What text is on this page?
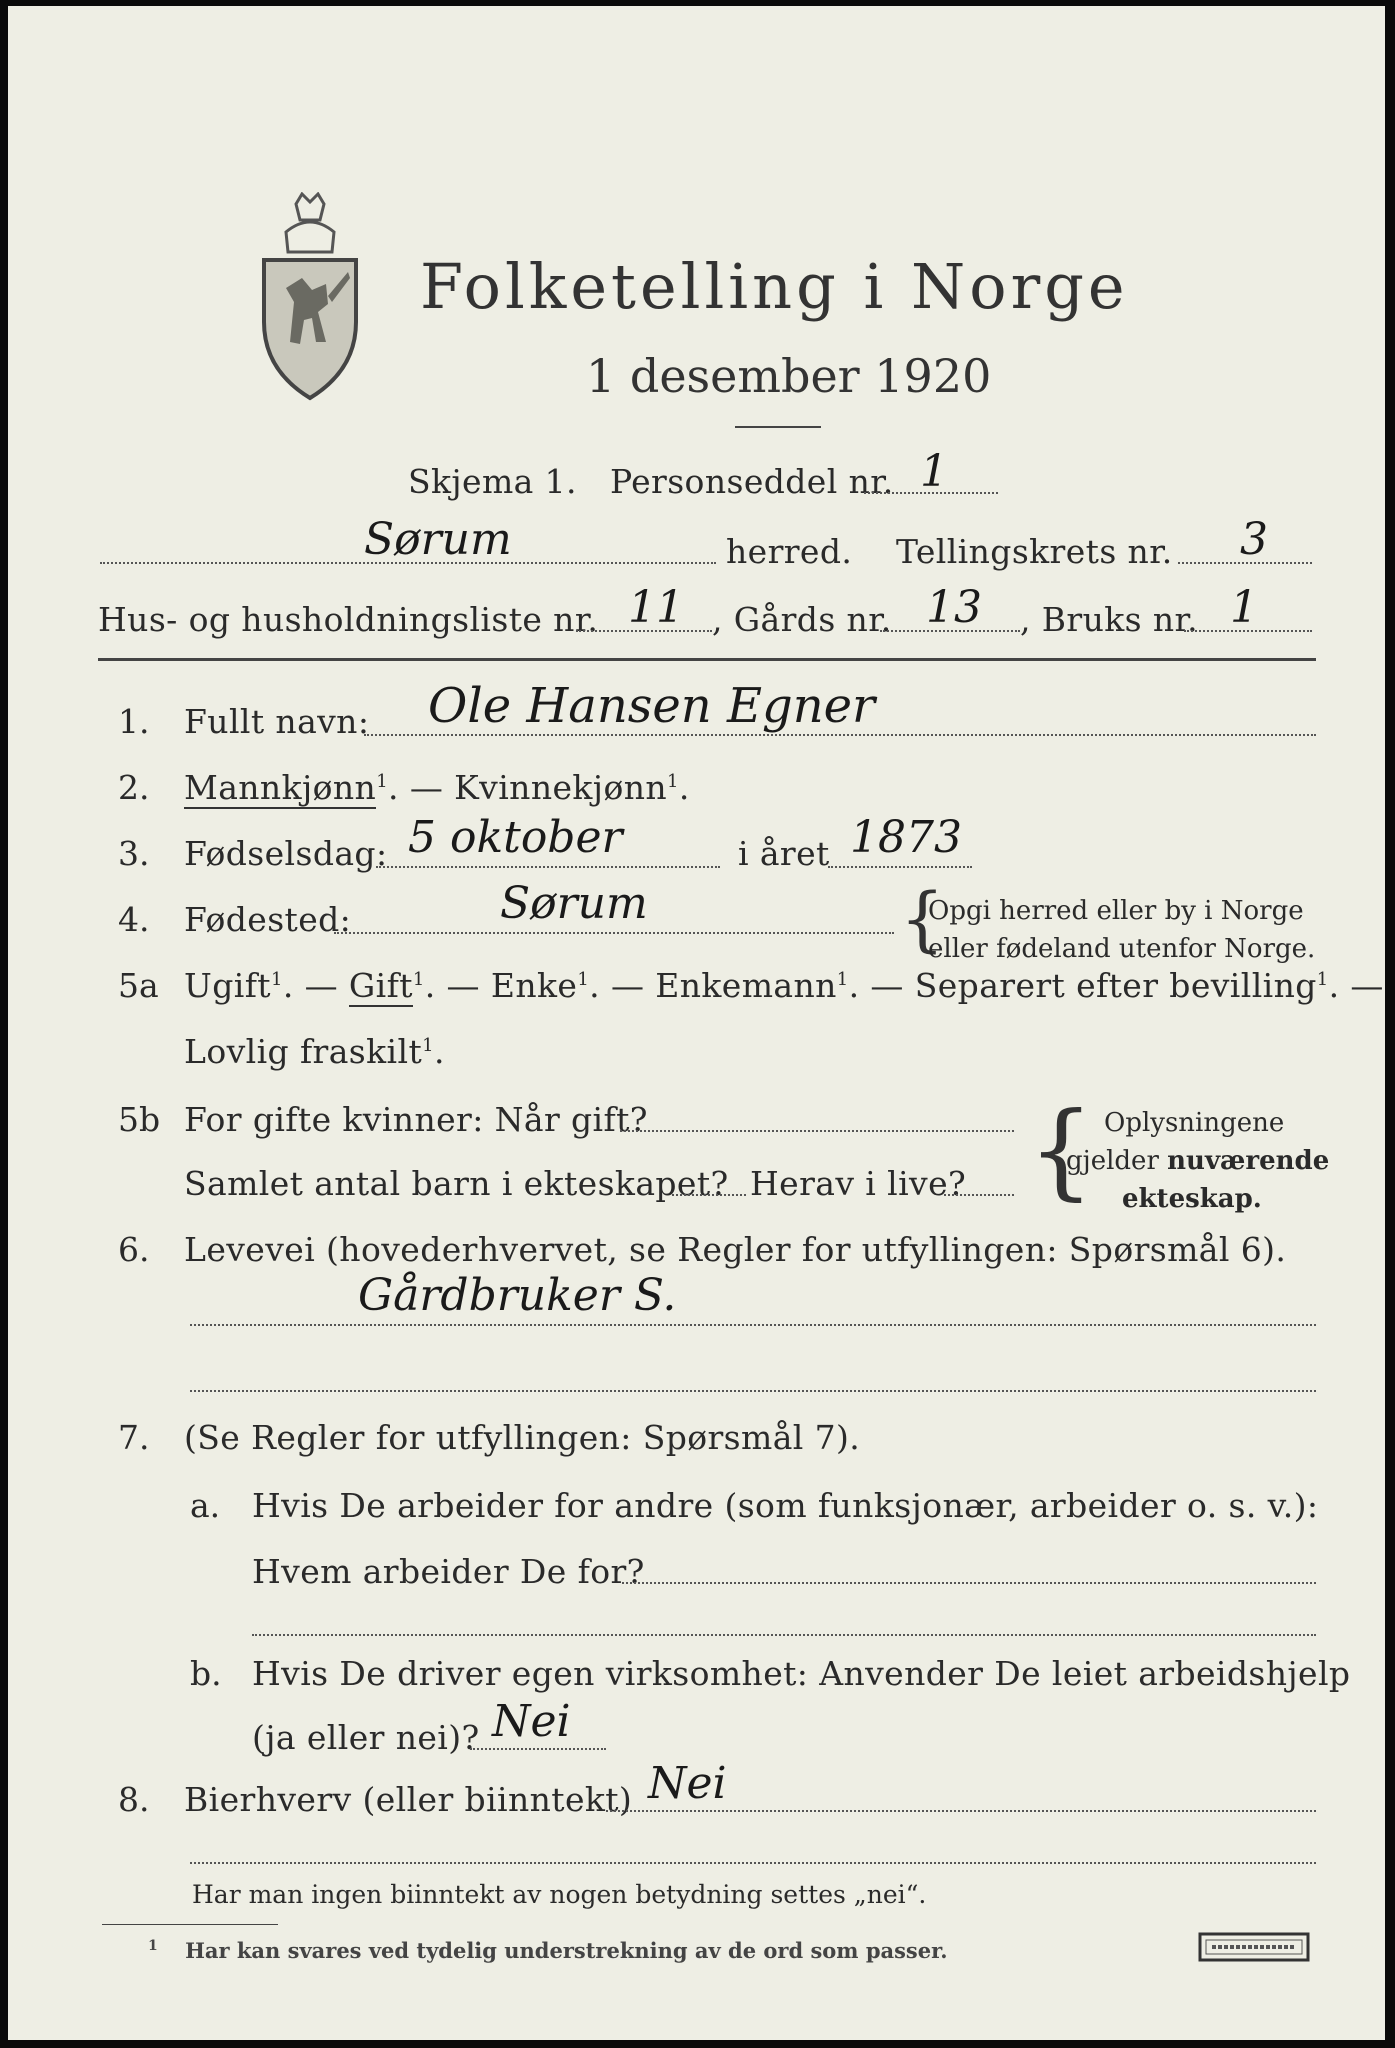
Folketelling i Norge
1 desember 1920
Skjema 1. Personseddel nr. 1
Sørum	herred. Tellingskrets nr. 3
Hus- og husholdningsliste nr. 11 , Gårds nr. 13 , Bruks nr. 1
1. Fullt navn: Ole Hansen Egner
2. Mannkjønn$^1$. — Kvinnekjønn$^1$.
3. Fødselsdag: 5 oktober	i året 1873
4. Fødested:	Sørum	{
Opgi herred eller by i Norge
eller fødeland utenfor Norge.
5a Ugift$^1$. — Gift$^1$. — Enke$^1$. — Enkemann$^1$. — Separert efter bevilling$^1$. —
Lovlig fraskilt$^1$.
5b For gifte kvinner: Når gift?
Samlet antal barn i ekteskapet? Herav i live? { Oplysningene
gjelder nuværende
ekteskap.
6. Levevei (hovederhvervet, se Regler for utfyllingen: Spørsmål 6).
Gårdbruker S.
7. (Se Regler for utfyllingen: Spørsmål 7).
a. Hvis De arbeider for andre (som funksjonær, arbeider o. s. v.):
Hvem arbeider De for?
b. Hvis De driver egen virksomhet: Anvender De leiet arbeidshjelp
(ja eller nei)? Nei
8. Bierhverv (eller biinntekt) Nei
Har man ingen biinntekt av nogen betydning settes „nei“.
$^1$ Har kan svares ved tydelig understrekning av de ord som passer.
